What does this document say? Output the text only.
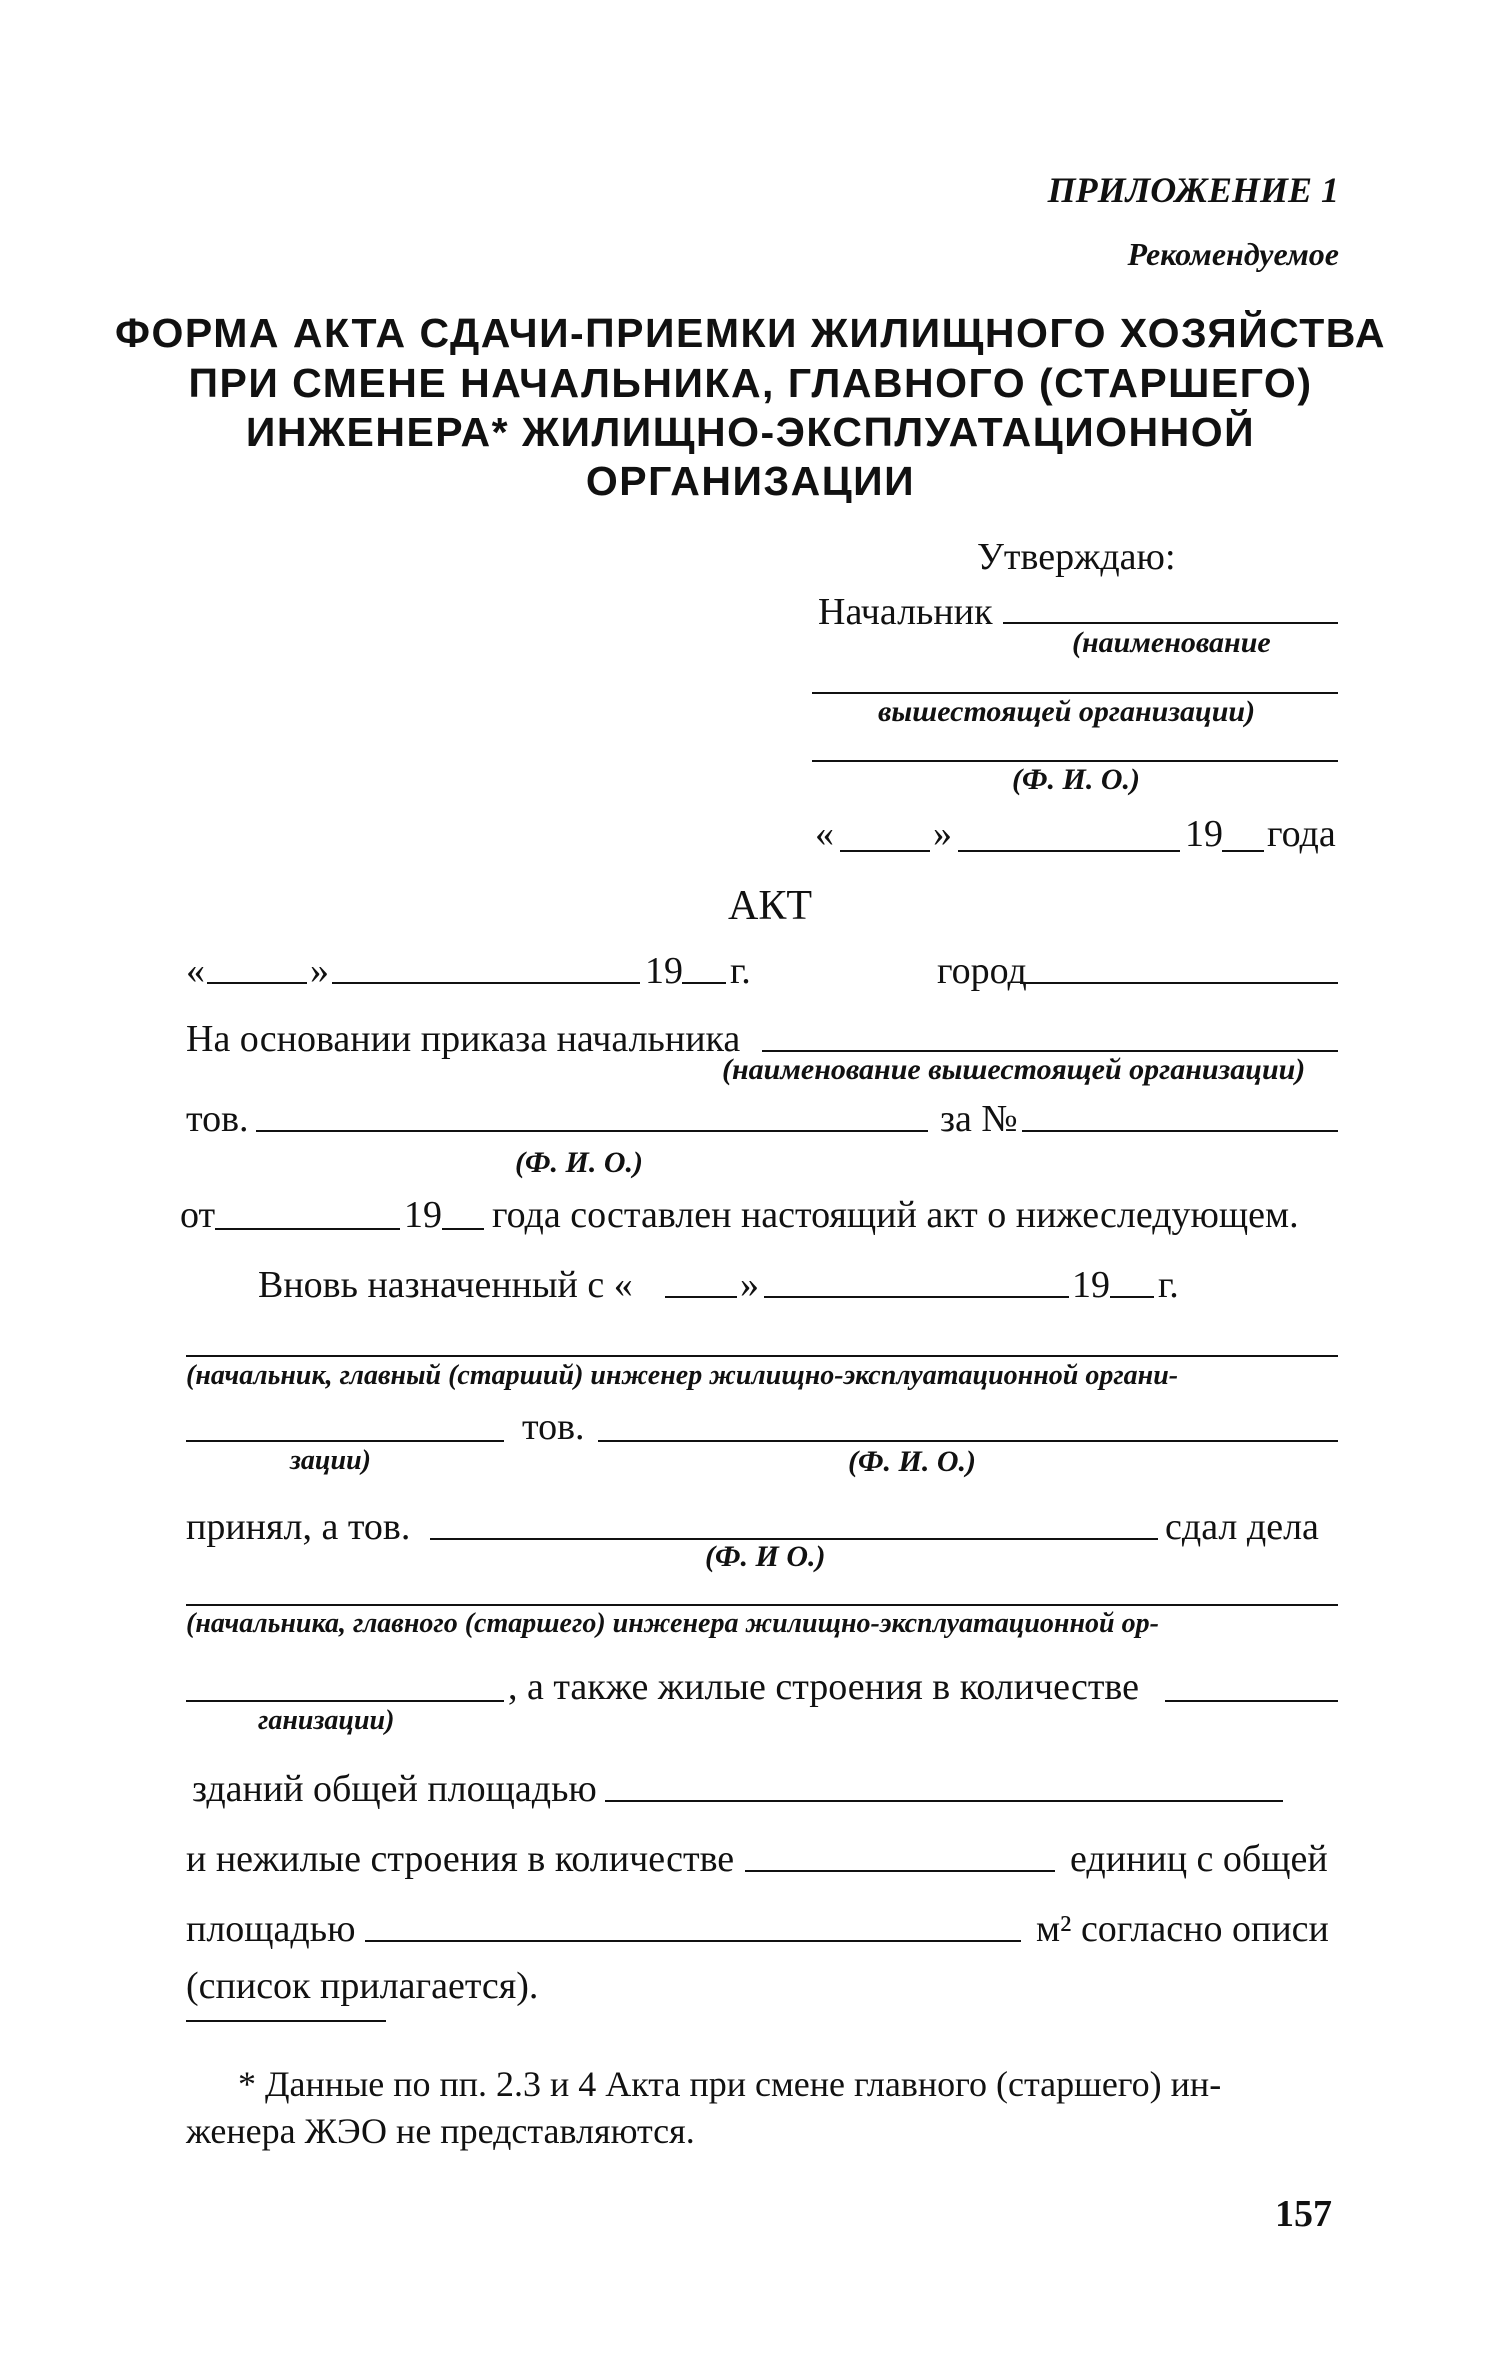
ПРИЛОЖЕНИЕ 1
Рекомендуемое
ФОРМА АКТА СДАЧИ-ПРИЕМКИ ЖИЛИЩНОГО ХОЗЯЙСТВА
ПРИ СМЕНЕ НАЧАЛЬНИКА, ГЛАВНОГО (СТАРШЕГО)
ИНЖЕНЕРА* ЖИЛИЩНО-ЭКСПЛУАТАЦИОННОЙ
ОРГАНИЗАЦИИ
Утверждаю:
Начальник
(наименование
вышестоящей организации)
(Ф. И. О.)
«	»	19 года
АКТ
«	»	19 г.	город
На основании приказа начальника
(наименование вышестоящей организации)
тов.	за №
(Ф. И. О.)
от	19 года составлен настоящий акт о нижеследующем.
Вновь назначенный с «	»	19 г.
(начальник, главный (старший) инженер жилищно-эксплуатационной органи-
тов.
зации)	(Ф. И. О.)
принял, а тов.	сдал дела
(Ф. И О.)
(начальника, главного (старшего) инженера жилищно-эксплуатационной ор-
, а также жилые строения в количестве
ганизации)
зданий общей площадью
и нежилые строения в количестве	единиц с общей
площадью	м² согласно описи
(список прилагается).
* Данные по пп. 2.3 и 4 Акта при смене главного (старшего) ин-
женера ЖЭО не представляются.
157
